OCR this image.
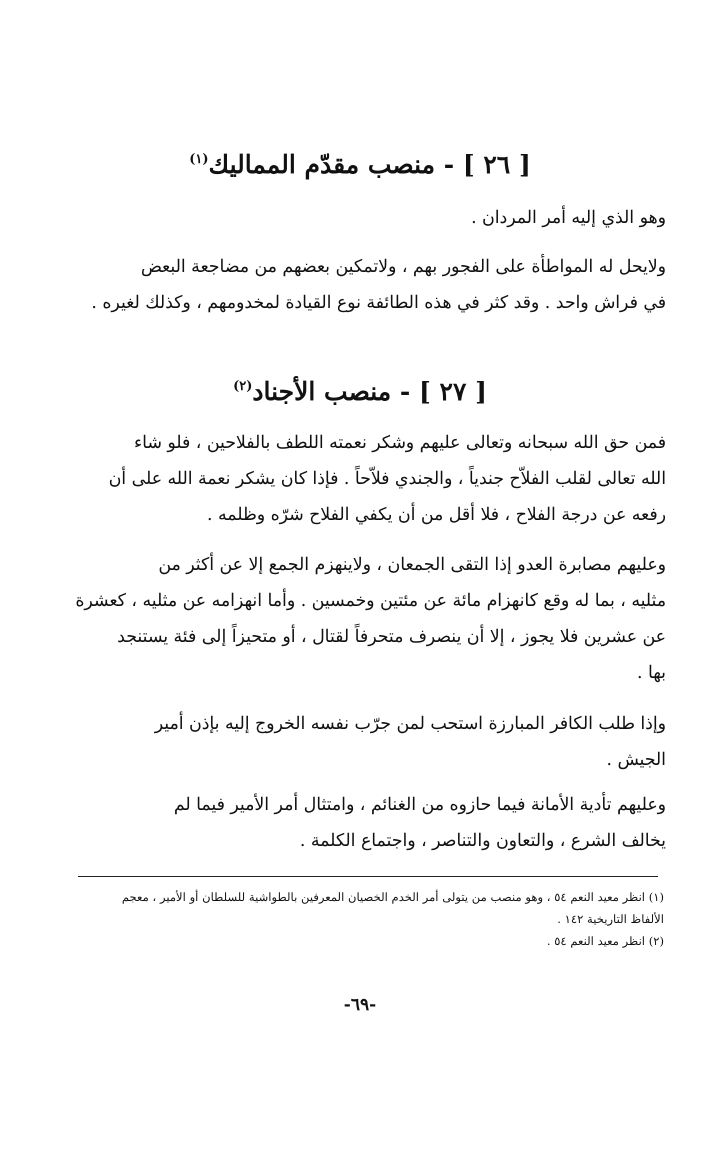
[ ٢٦ ] - منصب مقدّم المماليك$^{(١)}$
وهو الذي إليه أمر المردان .
ولايحل له المواطأة على الفجور بهم ، ولاتمكين بعضهم من مضاجعة البعض
في فراش واحد . وقد كثر في هذه الطائفة نوع القيادة لمخدومهم ، وكذلك لغيره .
[ ٢٧ ] - منصب الأجناد$^{(٢)}$
فمن حق الله سبحانه وتعالى عليهم وشكر نعمته اللطف بالفلاحين ، فلو شاء
الله تعالى لقلب الفلاّح جندياً ، والجندي فلاّحاً . فإذا كان يشكر نعمة الله على أن
رفعه عن درجة الفلاح ، فلا أقل من أن يكفي الفلاح شرّه وظلمه .
وعليهم مصابرة العدو إذا التقى الجمعان ، ولاينهزم الجمع إلا عن أكثر من
مثليه ، بما له وقع كانهزام مائة عن مئتين وخمسين . وأما انهزامه عن مثليه ، كعشرة
عن عشرين فلا يجوز ، إلا أن ينصرف متحرفاً لقتال ، أو متحيزاً إلى فئة يستنجد
بها .
وإذا طلب الكافر المبارزة استحب لمن جرّب نفسه الخروج إليه بإذن أمير
الجيش .
وعليهم تأدية الأمانة فيما حازوه من الغنائم ، وامتثال أمر الأمير فيما لم
يخالف الشرع ، والتعاون والتناصر ، واجتماع الكلمة .
(١) انظر معيد النعم ٥٤ ، وهو منصب من يتولى أمر الخدم الخصيان المعرفين بالطواشية للسلطان أو الأمير ، معجم
الألفاظ التاريخية ١٤٢ .
(٢) انظر معيد النعم ٥٤ .
-٦٩-
